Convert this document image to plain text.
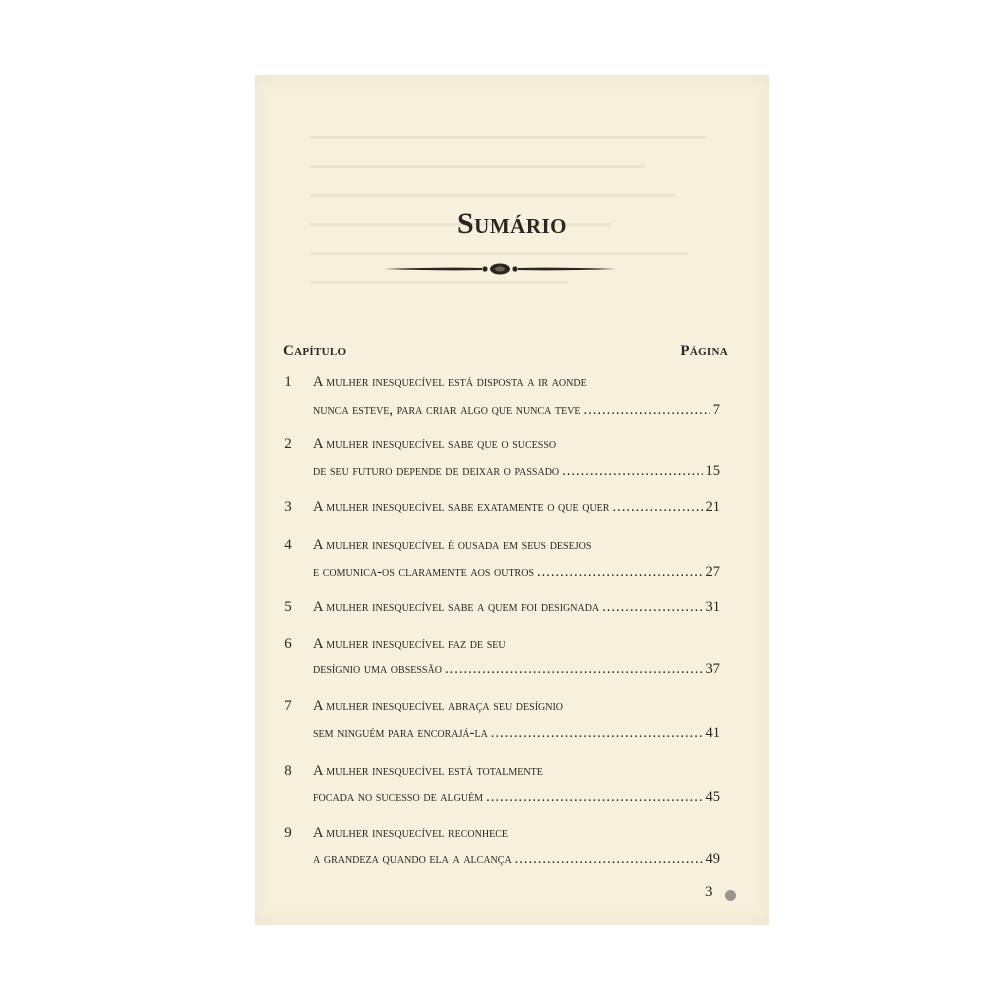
Sumário
Capítulo	Página
1 A mulher inesquecível está disposta a ir aonde
nunca esteve, para criar algo que nunca teve .....	7
2 A mulher inesquecível sabe que o sucesso
de seu futuro depende de deixar o passado .....	15
3 A mulher inesquecível sabe exatamente o que quer .....	21
4 A mulher inesquecível é ousada em seus desejos
e comunica-os claramente aos outros .....	27
5 A mulher inesquecível sabe a quem foi designada .....	31
6 A mulher inesquecível faz de seu
desígnio uma obsessão .....	37
7 A mulher inesquecível abraça seu desígnio
sem ninguém para encorajá-la .....	41
8 A mulher inesquecível está totalmente
focada no sucesso de alguém .....	45
9 A mulher inesquecível reconhece
a grandeza quando ela a alcança .....	49
3
